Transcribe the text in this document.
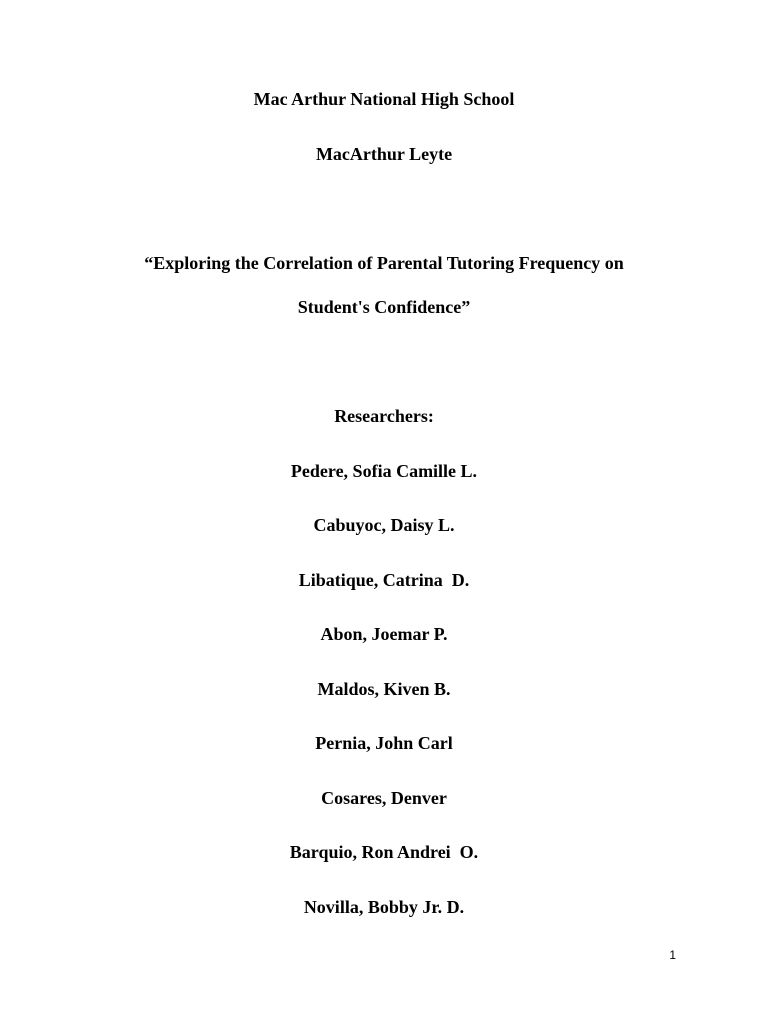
Mac Arthur National High School
MacArthur Leyte
“Exploring the Correlation of Parental Tutoring Frequency on
Student's Confidence”
Researchers:
Pedere, Sofia Camille L.
Cabuyoc, Daisy L.
Libatique, Catrina  D.
Abon, Joemar P.
Maldos, Kiven B.
Pernia, John Carl
Cosares, Denver
Barquio, Ron Andrei  O.
Novilla, Bobby Jr. D.
1
